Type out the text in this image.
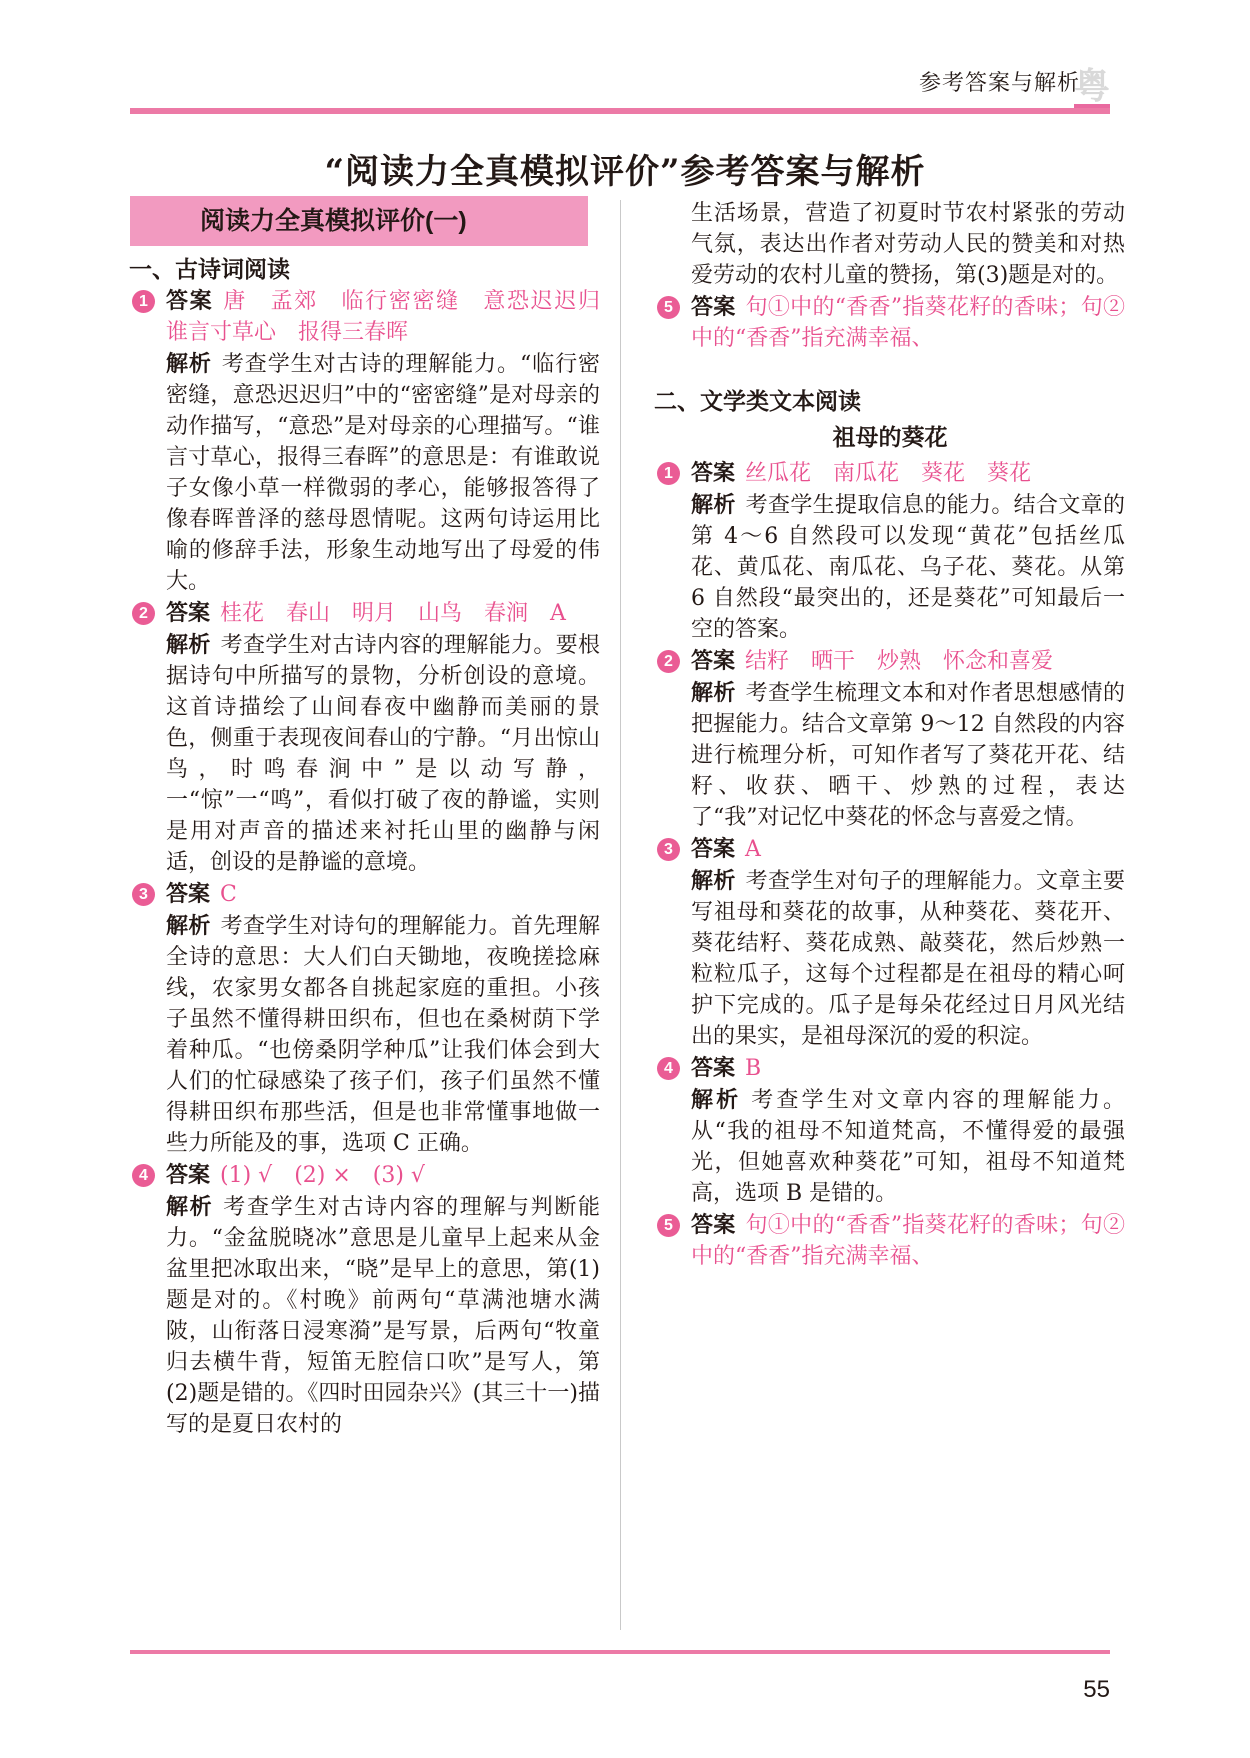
参考答案与解析
粤
“阅读力全真模拟评价”参考答案与解析
阅读力全真模拟评价(一)
一、古诗词阅读
1 答案 唐　孟郊　临行密密缝　意恐迟迟归　谁言寸草心　报得三春晖

解析 考查学生对古诗的理解能力。“临行密密缝，意恐迟迟归”中的“密密缝”是对母亲的动作描写，“意恐”是对母亲的心理描写。“谁言寸草心，报得三春晖”的意思是：有谁敢说子女像小草一样微弱的孝心，能够报答得了像春晖普泽的慈母恩情呢。这两句诗运用比喻的修辞手法，形象生动地写出了母爱的伟大。

2 答案 桂花　春山　明月　山鸟　春涧　A

解析 考查学生对古诗内容的理解能力。要根据诗句中所描写的景物，分析创设的意境。这首诗描绘了山间春夜中幽静而美丽的景色，侧重于表现夜间春山的宁静。“月出惊山鸟，时鸣春涧中”是以动写静，一“惊”一“鸣”，看似打破了夜的静谧，实则是用对声音的描述来衬托山里的幽静与闲适，创设的是静谧的意境。

3 答案 C

解析 考查学生对诗句的理解能力。首先理解全诗的意思：大人们白天锄地，夜晚搓捻麻线，农家男女都各自挑起家庭的重担。小孩子虽然不懂得耕田织布，但也在桑树荫下学着种瓜。“也傍桑阴学种瓜”让我们体会到大人们的忙碌感染了孩子们，孩子们虽然不懂得耕田织布那些活，但是也非常懂事地做一些力所能及的事，选项 C 正确。

4 答案 (1) √　(2) ×　(3) √

解析 考查学生对古诗内容的理解与判断能力。“金盆脱晓冰”意思是儿童早上起来从金盆里把冰取出来，“晓”是早上的意思，第(1)题是对的。《村晚》前两句“草满池塘水满陂，山衔落日浸寒漪”是写景，后两句“牧童归去横牛背，短笛无腔信口吹”是写人，第(2)题是错的。《四时田园杂兴》(其三十一)描写的是夏日农村的

生活场景，营造了初夏时节农村紧张的劳动气氛，表达出作者对劳动人民的赞美和对热爱劳动的农村儿童的赞扬，第(3)题是对的。
5 答案 句①中的“香香”指葵花籽的香味；句②中的“香香”指充满幸福、

二、文学类文本阅读
祖母的葵花
1 答案 丝瓜花　南瓜花　葵花　葵花

解析 考查学生提取信息的能力。结合文章的第 4～6 自然段可以发现“黄花”包括丝瓜花、黄瓜花、南瓜花、乌子花、葵花。从第 6 自然段“最突出的，还是葵花”可知最后一空的答案。

2 答案 结籽　晒干　炒熟　怀念和喜爱

解析 考查学生梳理文本和对作者思想感情的把握能力。结合文章第 9～12 自然段的内容进行梳理分析，可知作者写了葵花开花、结籽、收获、晒干、炒熟的过程，表达了“我”对记忆中葵花的怀念与喜爱之情。

3 答案 A

解析 考查学生对句子的理解能力。文章主要写祖母和葵花的故事，从种葵花、葵花开、葵花结籽、葵花成熟、敲葵花，然后炒熟一粒粒瓜子，这每个过程都是在祖母的精心呵护下完成的。瓜子是每朵花经过日月风光结出的果实，是祖母深沉的爱的积淀。

4 答案 B

解析 考查学生对文章内容的理解能力。从“我的祖母不知道梵高，不懂得爱的最强光，但她喜欢种葵花”可知，祖母不知道梵高，选项 B 是错的。

5 答案 句①中的“香香”指葵花籽的香味；句②中的“香香”指充满幸福、

55
